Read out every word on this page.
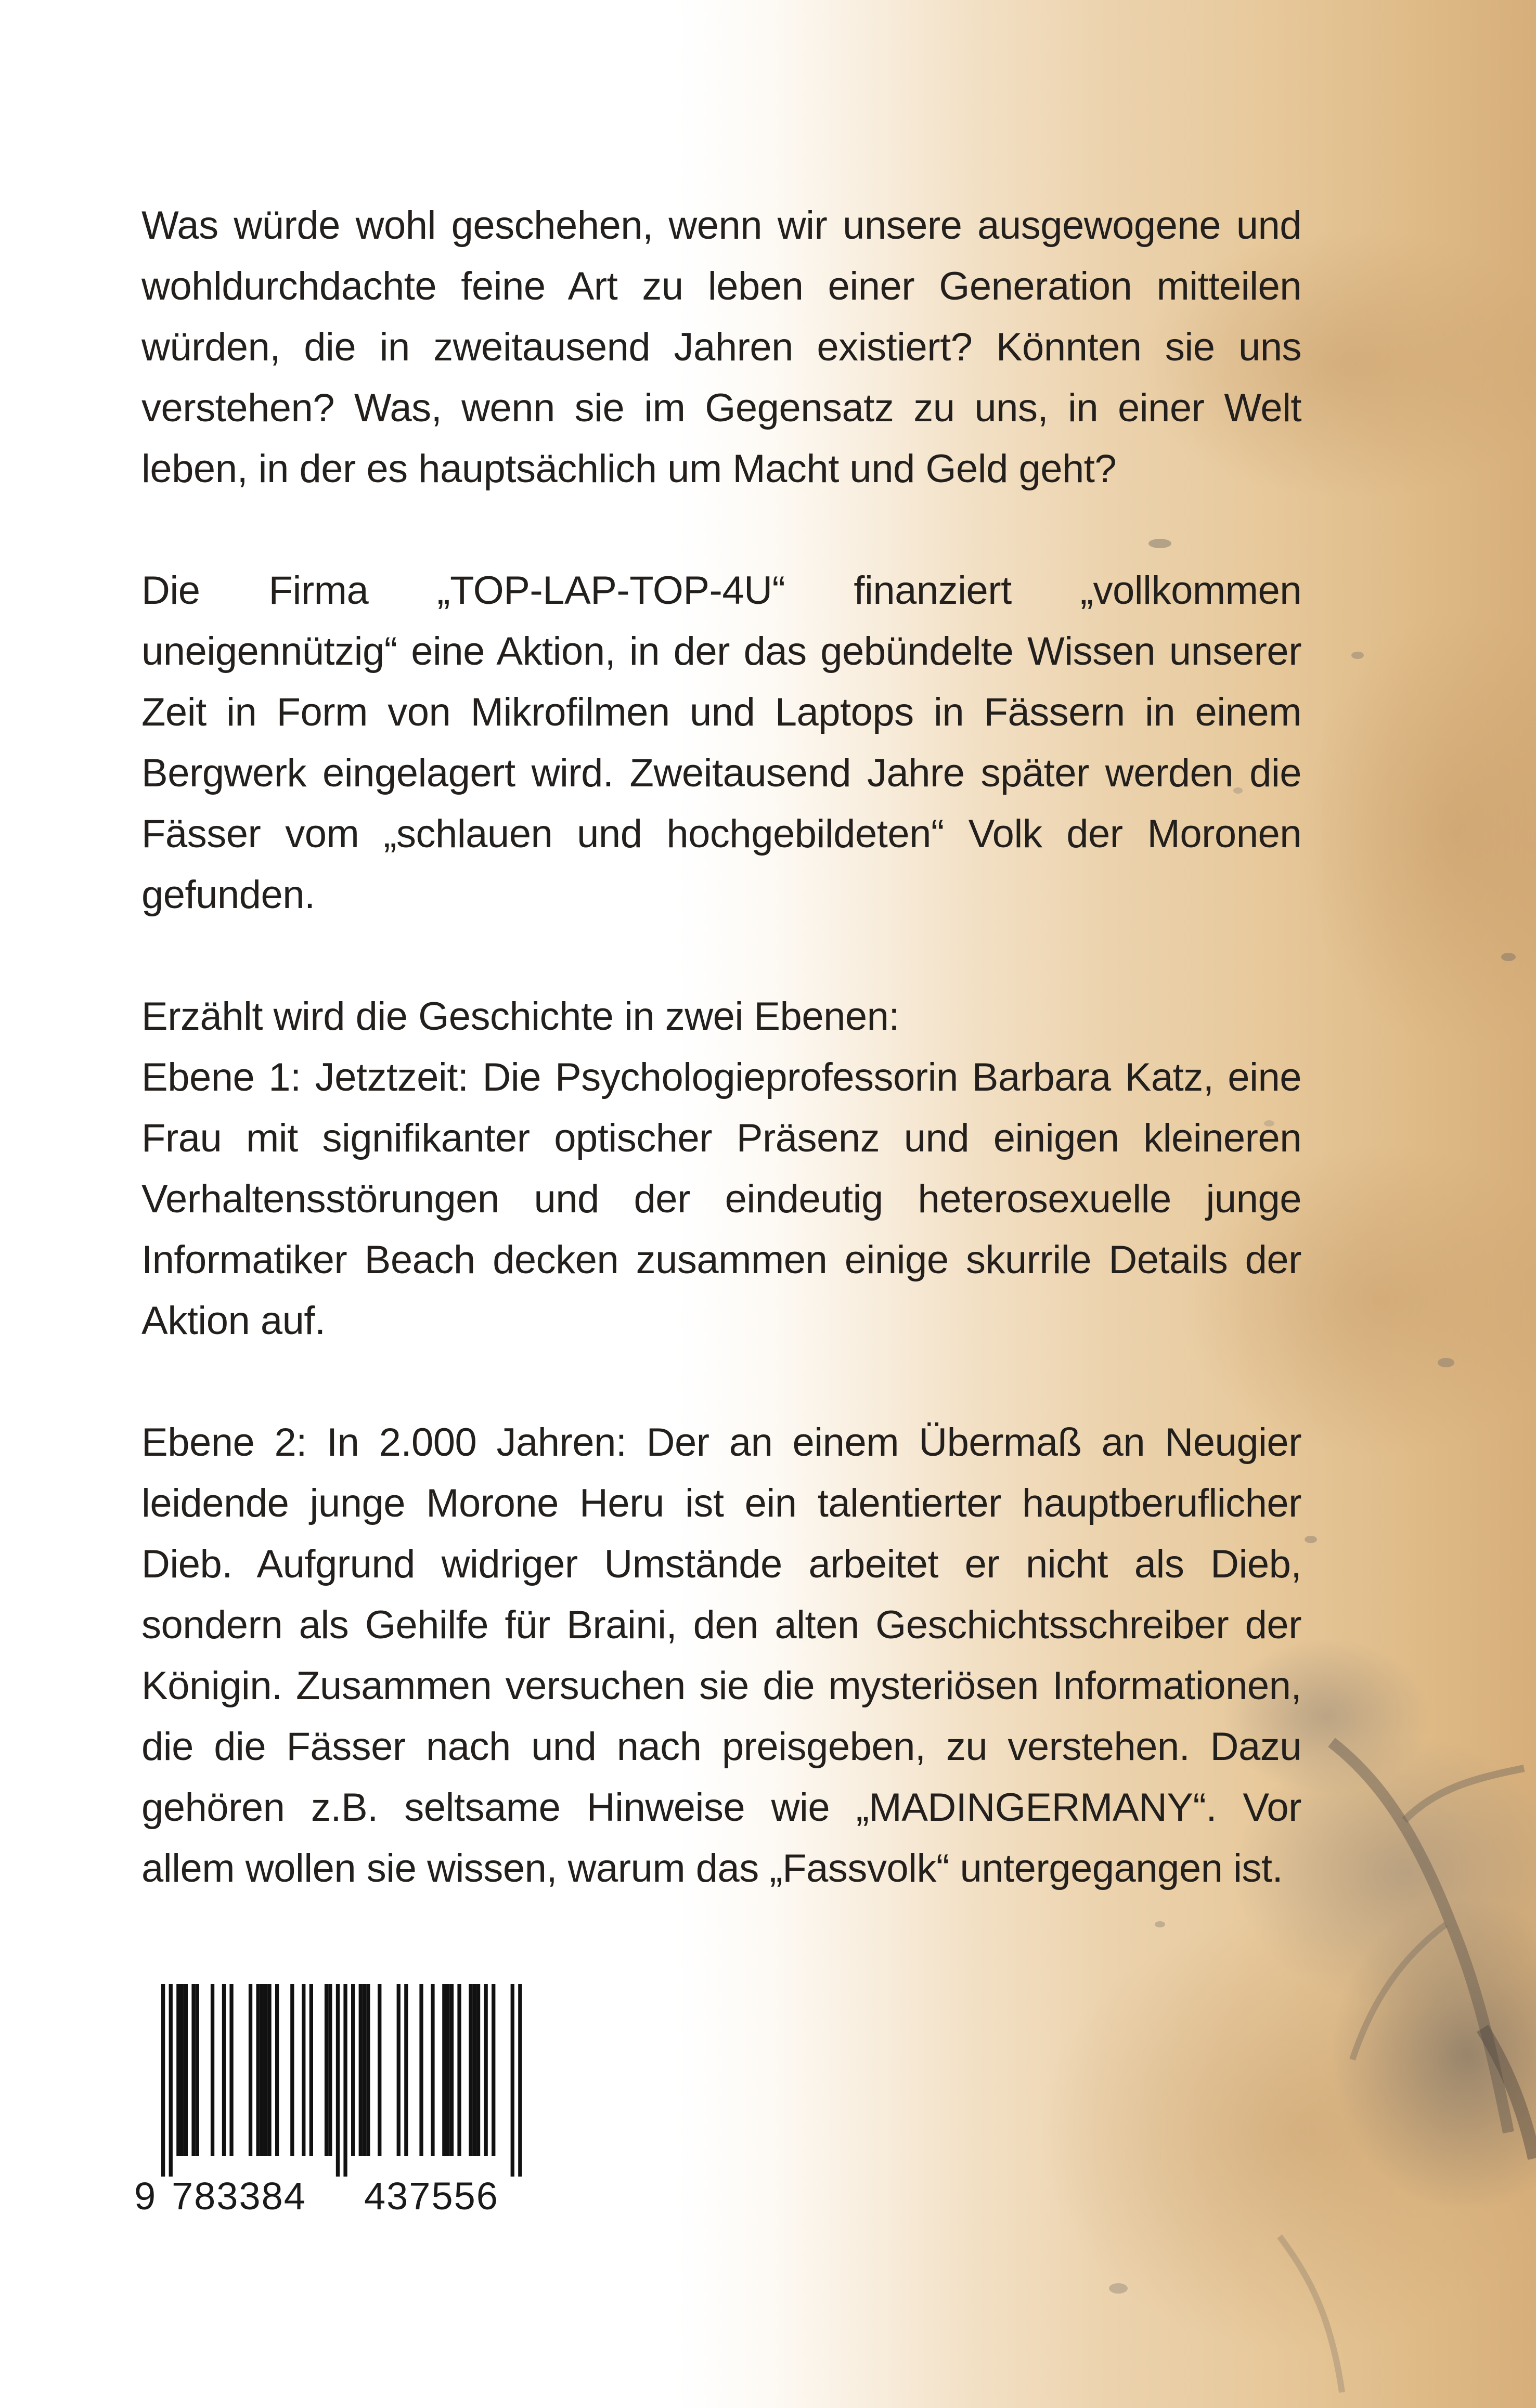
Was würde wohl geschehen, wenn wir unsere ausgewogene und wohldurchdachte feine Art zu leben einer Generation mitteilen würden, die in zweitausend Jahren existiert? Könnten sie uns verstehen? Was, wenn sie im Gegensatz zu uns, in einer Welt leben, in der es hauptsächlich um Macht und Geld geht?

Die Firma „TOP-LAP-TOP-4U“ finanziert „vollkommen uneigennützig“ eine Aktion, in der das gebündelte Wissen unserer Zeit in Form von Mikrofilmen und Laptops in Fässern in einem Bergwerk eingelagert wird. Zweitausend Jahre später werden die Fässer vom „schlauen und hochgebildeten“ Volk der Moronen gefunden.

Erzählt wird die Geschichte in zwei Ebenen:

Ebene 1: Jetztzeit: Die Psychologieprofessorin Barbara Katz, eine Frau mit signifikanter optischer Präsenz und einigen kleineren Verhaltensstörungen und der eindeutig heterosexuelle junge Informatiker Beach decken zusammen einige skurrile Details der Aktion auf.

Ebene 2: In 2.000 Jahren: Der an einem Übermaß an Neugier leidende junge Morone Heru ist ein talentierter hauptberuflicher Dieb. Aufgrund widriger Umstände arbeitet er nicht als Dieb, sondern als Gehilfe für Braini, den alten Geschichtsschreiber der Königin. Zusammen versuchen sie die mysteriösen Informationen, die die Fässer nach und nach preisgeben, zu verstehen. Dazu gehören z.B. seltsame Hinweise wie „MADINGERMANY“. Vor allem wollen sie wissen, warum das „Fassvolk“ untergegangen ist.

9 783384 437556
